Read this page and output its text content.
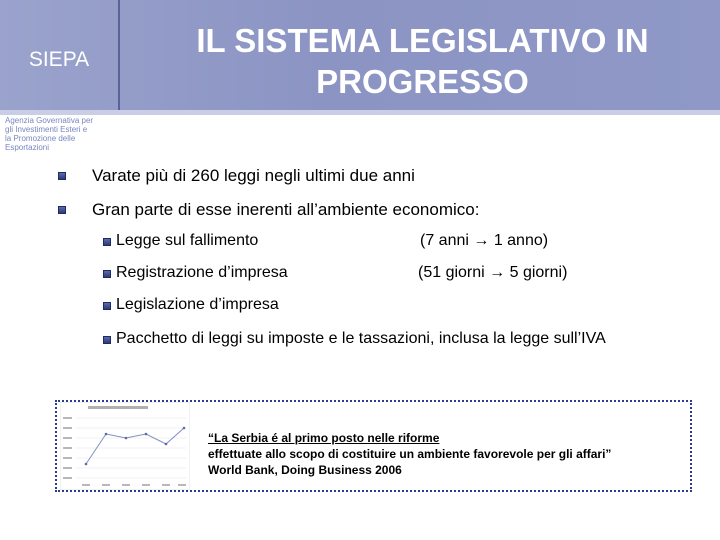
SIEPA
IL SISTEMA LEGISLATIVO IN
PROGRESSO
Agenzia Governativa per
gli Investimenti Esteri e
la Promozione delle
Esportazioni
Varate più di 260 leggi negli ultimi due anni
Gran parte di esse inerenti all’ambiente economico:
Legge sul fallimento	(7 anni → 1 anno)
Registrazione d’impresa	(51 giorni → 5 giorni)
Legislazione d’impresa
Pacchetto di leggi su imposte e le tassazioni, inclusa la legge sull’IVA
“La Serbia é al primo posto nelle riforme
effettuate allo scopo di costituire un ambiente favorevole per gli affari”
World Bank, Doing Business 2006
